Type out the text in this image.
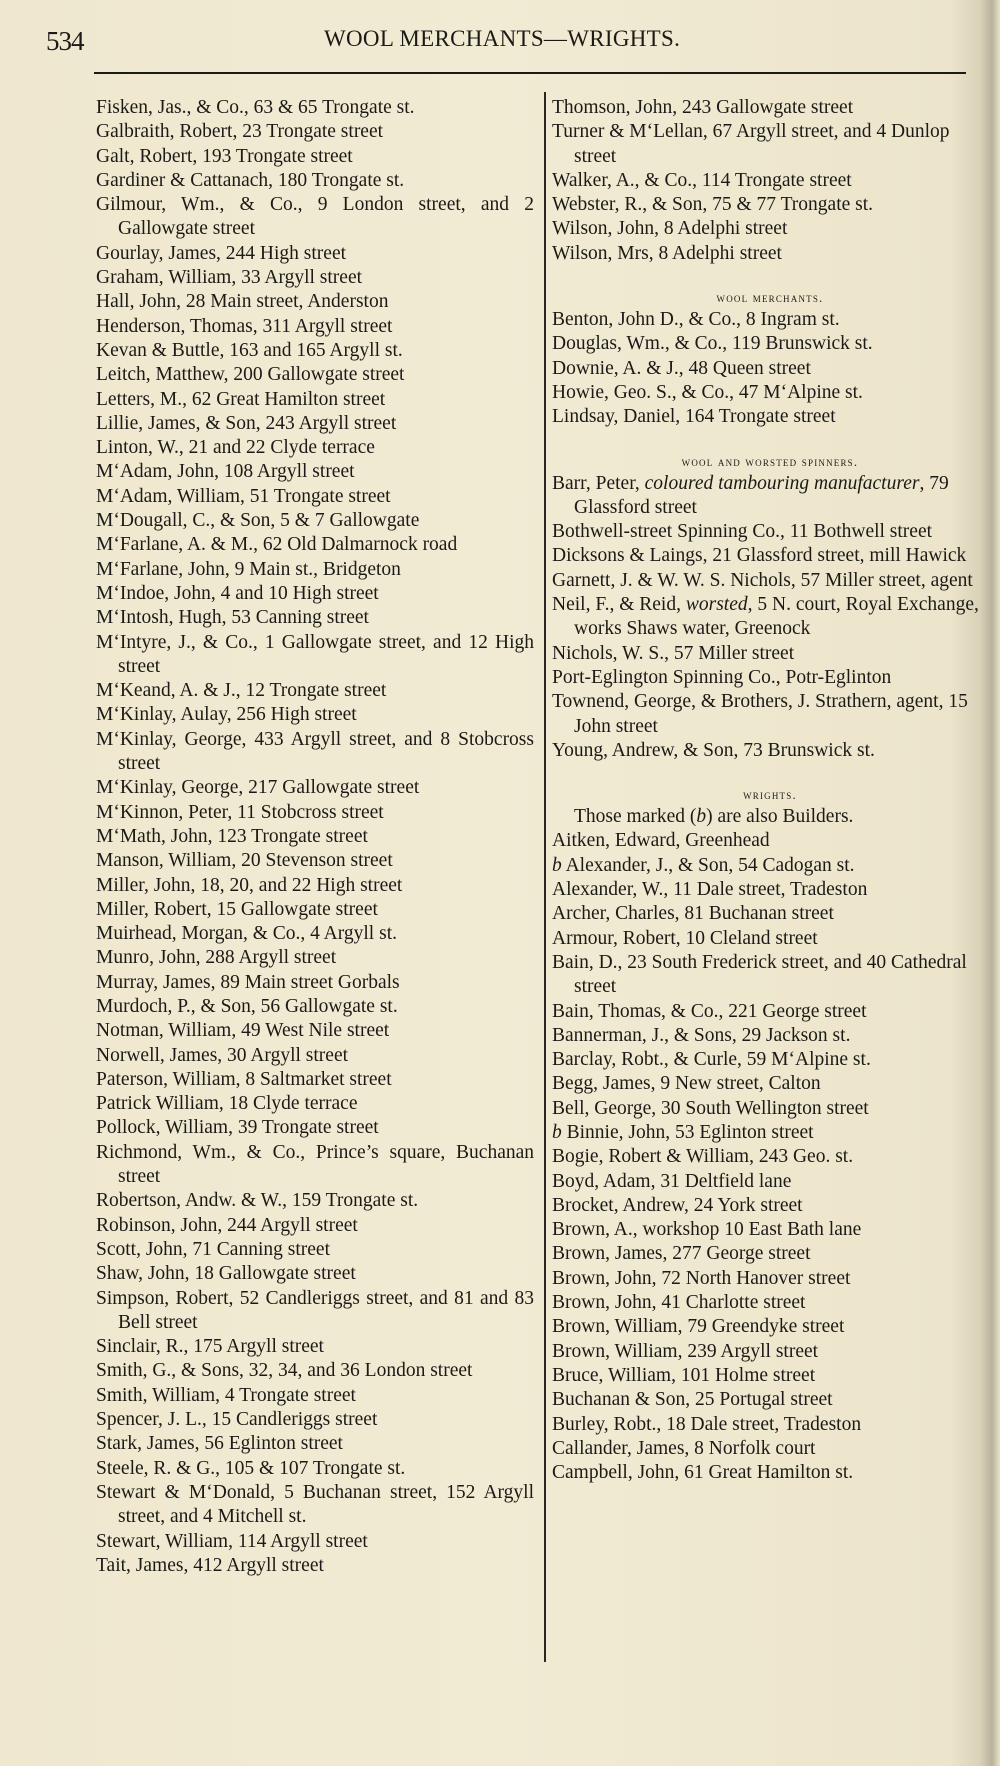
534	WOOL MERCHANTS—WRIGHTS.
Fisken, Jas., & Co., 63 & 65 Trongate st.
Galbraith, Robert, 23 Trongate street
Galt, Robert, 193 Trongate street
Gardiner & Cattanach, 180 Trongate st.
Gilmour, Wm., & Co., 9 London street, and 2 Gallowgate street
Gourlay, James, 244 High street
Graham, William, 33 Argyll street
Hall, John, 28 Main street, Anderston
Henderson, Thomas, 311 Argyll street
Kevan & Buttle, 163 and 165 Argyll st.
Leitch, Matthew, 200 Gallowgate street
Letters, M., 62 Great Hamilton street
Lillie, James, & Son, 243 Argyll street
Linton, W., 21 and 22 Clyde terrace
M‘Adam, John, 108 Argyll street
M‘Adam, William, 51 Trongate street
M‘Dougall, C., & Son, 5 & 7 Gallowgate
M‘Farlane, A. & M., 62 Old Dalmarnock road
M‘Farlane, John, 9 Main st., Bridgeton
M‘Indoe, John, 4 and 10 High street
M‘Intosh, Hugh, 53 Canning street
M‘Intyre, J., & Co., 1 Gallowgate street, and 12 High street
M‘Keand, A. & J., 12 Trongate street
M‘Kinlay, Aulay, 256 High street
M‘Kinlay, George, 433 Argyll street, and 8 Stobcross street
M‘Kinlay, George, 217 Gallowgate street
M‘Kinnon, Peter, 11 Stobcross street
M‘Math, John, 123 Trongate street
Manson, William, 20 Stevenson street
Miller, John, 18, 20, and 22 High street
Miller, Robert, 15 Gallowgate street
Muirhead, Morgan, & Co., 4 Argyll st.
Munro, John, 288 Argyll street
Murray, James, 89 Main street Gorbals
Murdoch, P., & Son, 56 Gallowgate st.
Notman, William, 49 West Nile street
Norwell, James, 30 Argyll street
Paterson, William, 8 Saltmarket street
Patrick William, 18 Clyde terrace
Pollock, William, 39 Trongate street
Richmond, Wm., & Co., Prince’s square, Buchanan street
Robertson, Andw. & W., 159 Trongate st.
Robinson, John, 244 Argyll street
Scott, John, 71 Canning street
Shaw, John, 18 Gallowgate street
Simpson, Robert, 52 Candleriggs street, and 81 and 83 Bell street
Sinclair, R., 175 Argyll street
Smith, G., & Sons, 32, 34, and 36 London street
Smith, William, 4 Trongate street
Spencer, J. L., 15 Candleriggs street
Stark, James, 56 Eglinton street
Steele, R. & G., 105 & 107 Trongate st.
Stewart & M‘Donald, 5 Buchanan street, 152 Argyll street, and 4 Mitchell st.
Stewart, William, 114 Argyll street
Tait, James, 412 Argyll street
Thomson, John, 243 Gallowgate street
Turner & M‘Lellan, 67 Argyll street, and 4 Dunlop street
Walker, A., & Co., 114 Trongate street
Webster, R., & Son, 75 & 77 Trongate st.
Wilson, John, 8 Adelphi street
Wilson, Mrs, 8 Adelphi street
wool merchants.
Benton, John D., & Co., 8 Ingram st.
Douglas, Wm., & Co., 119 Brunswick st.
Downie, A. & J., 48 Queen street
Howie, Geo. S., & Co., 47 M‘Alpine st.
Lindsay, Daniel, 164 Trongate street
wool and worsted spinners.
Barr, Peter, coloured tambouring manufacturer, 79 Glassford street
Bothwell-street Spinning Co., 11 Bothwell street
Dicksons & Laings, 21 Glassford street, mill Hawick
Garnett, J. & W. W. S. Nichols, 57 Miller street, agent
Neil, F., & Reid, worsted, 5 N. court, Royal Exchange, works Shaws water, Greenock
Nichols, W. S., 57 Miller street
Port-Eglington Spinning Co., Potr-Eglinton
Townend, George, & Brothers, J. Strathern, agent, 15 John street
Young, Andrew, & Son, 73 Brunswick st.
wrights.
Those marked (b) are also Builders.
Aitken, Edward, Greenhead
b Alexander, J., & Son, 54 Cadogan st.
Alexander, W., 11 Dale street, Tradeston
Archer, Charles, 81 Buchanan street
Armour, Robert, 10 Cleland street
Bain, D., 23 South Frederick street, and 40 Cathedral street
Bain, Thomas, & Co., 221 George street
Bannerman, J., & Sons, 29 Jackson st.
Barclay, Robt., & Curle, 59 M‘Alpine st.
Begg, James, 9 New street, Calton
Bell, George, 30 South Wellington street
b Binnie, John, 53 Eglinton street
Bogie, Robert & William, 243 Geo. st.
Boyd, Adam, 31 Deltfield lane
Brocket, Andrew, 24 York street
Brown, A., workshop 10 East Bath lane
Brown, James, 277 George street
Brown, John, 72 North Hanover street
Brown, John, 41 Charlotte street
Brown, William, 79 Greendyke street
Brown, William, 239 Argyll street
Bruce, William, 101 Holme street
Buchanan & Son, 25 Portugal street
Burley, Robt., 18 Dale street, Tradeston
Callander, James, 8 Norfolk court
Campbell, John, 61 Great Hamilton st.
